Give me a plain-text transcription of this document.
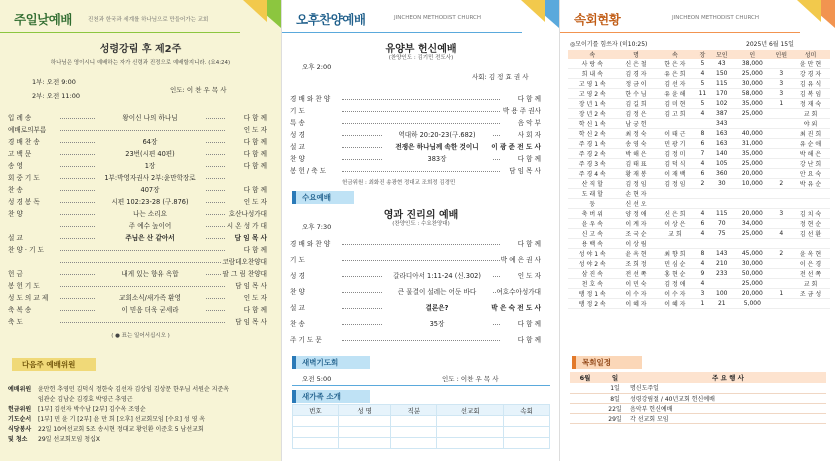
주일낮예배	진천과 한국과 세계를 하나님으로 만들어가는 교회
성령강림 후 제2주
하나님은 영이시니 예배하는 자가 신령과 진정으로 예배할지니라. (요4:24)
1부: 오전 9:00
2부: 오전 11:00
인도: 이 찬 우 목 사
입 례 송	왕이신 나의 하나님	다 함 께
예배로의부름	인 도 자
경 배 찬 송	64장	다 함 께
고 백 문	23번(시편 40편)	다 함 께
송 영	1장	다 함 께
회 중 기 도	1부:박영자권사 2부:윤만학장로
찬 송	407장	다 함 께
성 경 봉 독	시편 102:23-28 (구.876)	인 도 자
찬 양	나는 소리요	호산나성가대
주 예수 높이어	시 온 성 가 대
설 교	주님은 산 같아서	담 임 목 사
찬 양 · 기 도	다 함 께
코람데오찬양대
헌 금	내게 있는 향유 옥합	팔 그 림 찬양대
봉 헌 기 도	담 임 목 사
성 도 의 교 제	교회소식/새가족 환영	인 도 자
축 복 송	이 믿음 더욱 굳세라	다 함 께
축 도	담 임 목 사
( ● 표는 일어서십시오 )
다음주 예배위원
예배위원 윤만헌 추영민 김덕식 정한숙 김선자 김상임 김상문 한우님 서원순 지준옥
임관순 김남순 김경효 박영근 추영근
헌금위원 [1부] 김선자 박수남 [2부] 김수옥 조영순
기도순서 [1부] 민 윤 기 [2부] 윤 만 희 [오후] 선교회모임 [수요] 성 영 옥
식당봉사 22일 10여선교회 5조 송시현 정대교 황인환 이준호 5 남선교회
및 청소 29일 선교회모임 청십X
오후찬양예배	JINCHEON METHODIST CHURCH
유양부 헌신예배
(찬양인도 : 김기민 전도사)
오후 2:00
사회: 김 정 효 권 사
경 배 와 찬 양	다 함 께
기 도	박 용 주 권사
특 송	음 악 부
성 경	역대하 20:20-23(구.682)	사 회 자
설 교	전쟁은 하나님께 속한 것이니	이 광 준 전 도 사
찬 양	383장	다 함 께
봉 헌 / 축 도	담 임 목 사
헌금위원 : 최화진 송광현 정대교 조희정 김경민
수요예배
영과 진리의 예배
(찬양인도 : 수요찬양대)
오후 7:30
경 배 와 찬 양	다 함 께
기 도	박 예 은 권 사
성 경	갈라디아서 1:11-24 (신.302)	인 도 자
찬 양	큰 물결이 설레는 어둔 바다	여호수아성가대
설 교	결론은?	박 은 숙 전 도 사
찬 송	35장	다 함 께
주 기 도 문	다 함 께
새벽기도회
오전 5:00	인도 : 이찬 우 목 사
새가족 소개
번호	성 명	직분	선교회	속회

속회현황	JINCHEON METHODIST CHURCH
◎모이기를 힘쓰자 (히10:25)	2025년 6월 15일
속	명	속	장	모인	인	인원	성미
사 랑 속	신 은 철	한 은 자	5	43	38,000		윤 만 현
희 내 속	김 경 자	유 은 희	4	150	25,000	3	강 경 자
고 영 1 속	정 금 이	김 선 자	5	115	30,000	3	김 유 식
고 영 2 속	한 수 님	유 윤 해	11	170	58,000	3	김 복 임
장 년 1 속	김 길 희	김 미 현	5	102	35,000	1	정 재 숙
장 년 2 속	김 정 은	김 고 희	4	387	25,000		교 회
학 신 1 속	남 궁 헌			343			야 외
학 신 2 속	최 정 숙	이 태 근	8	163	40,000		최 진 희
주 경 1 속	송 영 숙	민 광 기	6	163	31,000		유 순 애
주 경 2 속	박 해 은	김 정 미	7	140	35,000		박 해 은
주 경 3 속	김 태 표	김 덕 식	4	105	25,000		강 난 희
주 경 4 속	황 재 봉	이 재 백	6	360	20,000		안 요 숙
산 직 할	김 정 임	김 정 임	2	30	10,000	2	박 유 순
도 래 할	손 현 자						
둥	신 선 오						
축 버 위	양 정 애	신 은 희	4	115	20,000	3	김 치 숙
윤 우 속	이 계 자	이 상 은	6	70	34,000		정 현 순
신 고 속	조 국 순	교 희	4	75	25,000	4	김 선 환
용 백 속	이 상 림						
성 야 1 속	윤 옥 현	최 향 희	8	143	45,000	2	윤 옥 현
성 야 2 속	조 희 정	민 심 순	4	210	30,000		이 은 경
삼 진 속	전 선 쪽	홍 현 순	9	233	50,000		전 선 쪽
천 호 속	이 민 숙	김 정 애	4		25,000		교 회
탱 정 1 속	이 수 자	이 수 자	3	100	20,000	1	조 금 성
탱 정 2 속	이 혜 자	이 혜 자	1	21	5,000		
목회일정
6월	일	주 요 행 사
	1일	명신도주일
	8일	성령강림절 / 40년교회 헌신예배
	22일	음악부 헌신예배
	29일	각 선교회 모임
